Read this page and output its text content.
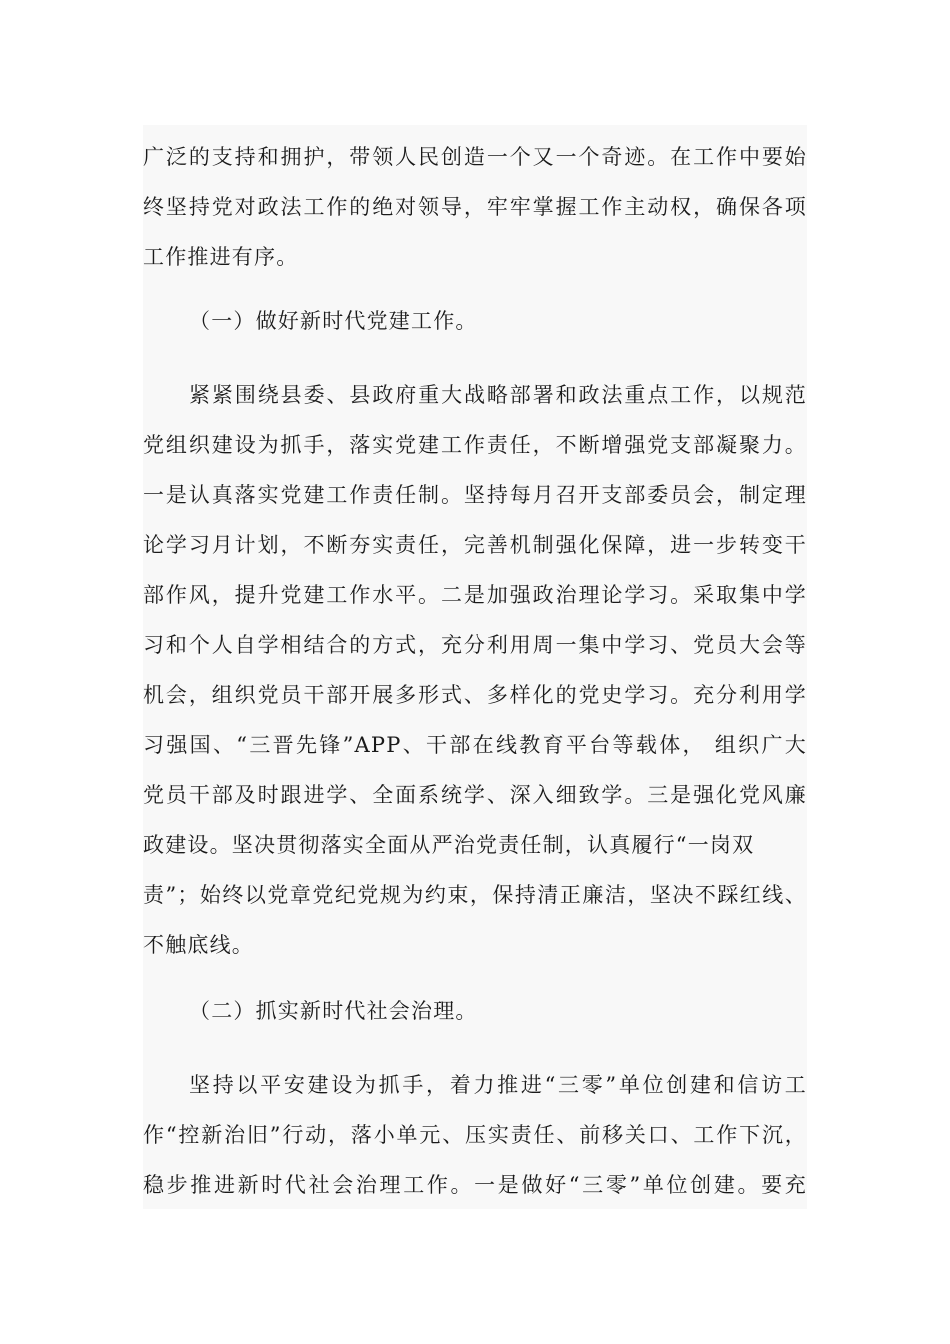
广泛的支持和拥护，带领人民创造一个又一个奇迹。在工作中要始
终坚持党对政法工作的绝对领导，牢牢掌握工作主动权，确保各项
工作推进有序。
（一）做好新时代党建工作。
紧紧围绕县委、县政府重大战略部署和政法重点工作，以规范
党组织建设为抓手，落实党建工作责任，不断增强党支部凝聚力。
一是认真落实党建工作责任制。坚持每月召开支部委员会，制定理
论学习月计划，不断夯实责任，完善机制强化保障，进一步转变干
部作风，提升党建工作水平。二是加强政治理论学习。采取集中学
习和个人自学相结合的方式，充分利用周一集中学习、党员大会等
机会，组织党员干部开展多形式、多样化的党史学习。充分利用学
习强国、“三晋先锋”APP、干部在线教育平台等载体， 组织广大
党员干部及时跟进学、全面系统学、深入细致学。三是强化党风廉
政建设。坚决贯彻落实全面从严治党责任制，认真履行“一岗双
责”；始终以党章党纪党规为约束，保持清正廉洁，坚决不踩红线、
不触底线。
（二）抓实新时代社会治理。
坚持以平安建设为抓手，着力推进“三零”单位创建和信访工
作“控新治旧”行动，落小单元、压实责任、前移关口、工作下沉，
稳步推进新时代社会治理工作。一是做好“三零”单位创建。要充
